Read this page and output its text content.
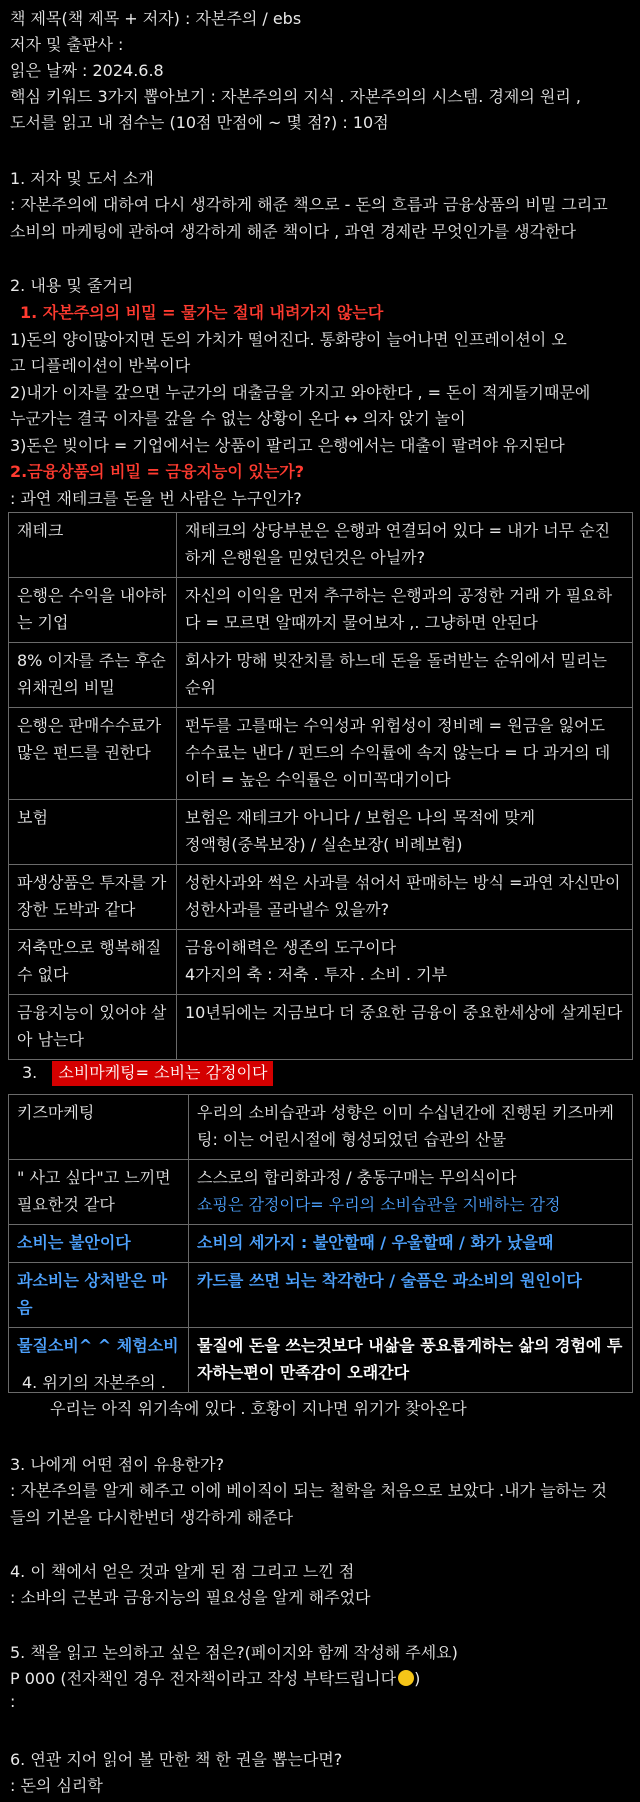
책 제목(책 제목 + 저자) : 자본주의 / ebs
저자 및 출판사 :
읽은 날짜 : 2024.6.8
핵심 키워드 3가지 뽑아보기 : 자본주의의 지식 . 자본주의의 시스템. 경제의 원리 ,
도서를 읽고 내 점수는 (10점 만점에 ~ 몇 점?) : 10점
1. 저자 및 도서 소개
: 자본주의에 대하여 다시 생각하게 해준 책으로 - 돈의 흐름과 금융상품의 비밀 그리고
소비의 마케팅에 관하여 생각하게 해준 책이다 , 과연 경제란 무엇인가를 생각한다
2. 내용 및 줄거리
1. 자본주의의 비밀 = 물가는 절대 내려가지 않는다
1)돈의 양이많아지면 돈의 가치가 떨어진다. 통화량이 늘어나면 인프레이션이 오
고 디플레이션이 반복이다
2)내가 이자를 갚으면 누군가의 대출금을 가지고 와야한다 , = 돈이 적게돌기때문에
누군가는 결국 이자를 갚을 수 없는 상황이 온다 ↔ 의자 앉기 놀이
3)돈은 빚이다 = 기업에서는 상품이 팔리고 은행에서는 대출이 팔려야 유지된다
2.금융상품의 비밀 = 금융지능이 있는가?
: 과연 재테크를 돈을 번 사람은 누구인가?
재테크	재테크의 상당부분은 은행과 연결되어 있다 = 내가 너무 순진하게 은행원을 믿었던것은 아닐까?
은행은 수익을 내야하는 기업	자신의 이익을 먼저 추구하는 은행과의 공정한 거래 가 필요하다 = 모르면 알때까지 물어보자 ,. 그냥하면 안된다
8% 이자를 주는 후순위채권의 비밀	회사가 망해 빚잔치를 하느데 돈을 돌려받는 순위에서 밀리는 순위
은행은 판매수수료가 많은 펀드를 권한다	펀두를 고를때는 수익성과 위험성이 정비례 = 원금을 잃어도 수수료는 낸다 / 펀드의 수익률에 속지 않는다 = 다 과거의 데이터 = 높은 수익률은 이미꼭대기이다
보험	보험은 재테크가 아니다 / 보험은 나의 목적에 맞게
정액형(중복보장) / 실손보장( 비례보험)
파생상품은 투자를 가장한 도박과 같다	성한사과와 썩은 사과를 섞어서 판매하는 방식 =과연 자신만이 성한사과를 골라낼수 있을까?
저축만으로 행복해질수 없다	금융이해력은 생존의 도구이다
4가지의 축 : 저축 . 투자 . 소비 . 기부
금융지능이 있어야 살아 남는다	10년뒤에는 지금보다 더 중요한 금융이 중요한세상에 살게된다
3. 소비마케팅= 소비는 감정이다
키즈마케팅	우리의 소비습관과 성향은 이미 수십년간에 진행된 키즈마케팅: 이는 어린시절에 형성되었던 습관의 산물
" 사고 싶다"고 느끼면 필요한것 같다	스스로의 합리화과정 / 충동구매는 무의식이다
쇼핑은 감정이다= 우리의 소비습관을 지배하는 감정
소비는 불안이다	소비의 세가지 : 불안할때 / 우울할때 / 화가 났을때
과소비는 상처받은 마음	카드를 쓰면 뇌는 착각한다 / 술픔은 과소비의 원인이다
물질소비^ ^ 체험소비	물질에 돈을 쓰는것보다 내삶을 풍요롭게하는 삶의 경험에 투자하는편이 만족감이 오래간다
4. 위기의 자본주의 .
우리는 아직 위기속에 있다 . 호황이 지나면 위기가 찾아온다
3. 나에게 어떤 점이 유용한가?
: 자본주의를 알게 헤주고 이에 베이직이 되는 철학을 처음으로 보았다 .내가 늘하는 것
들의 기본을 다시한번더 생각하게 해준다
4. 이 책에서 얻은 것과 알게 된 점 그리고 느낀 점
: 소바의 근본과 금융지능의 필요성을 알게 해주었다
5. 책을 읽고 논의하고 싶은 점은?(페이지와 함께 작성해 주세요)
P 000 (전자책인 경우 전자책이라고 작성 부탁드립니다 )
:
6. 연관 지어 읽어 볼 만한 책 한 권을 뽑는다면?
: 돈의 심리학
